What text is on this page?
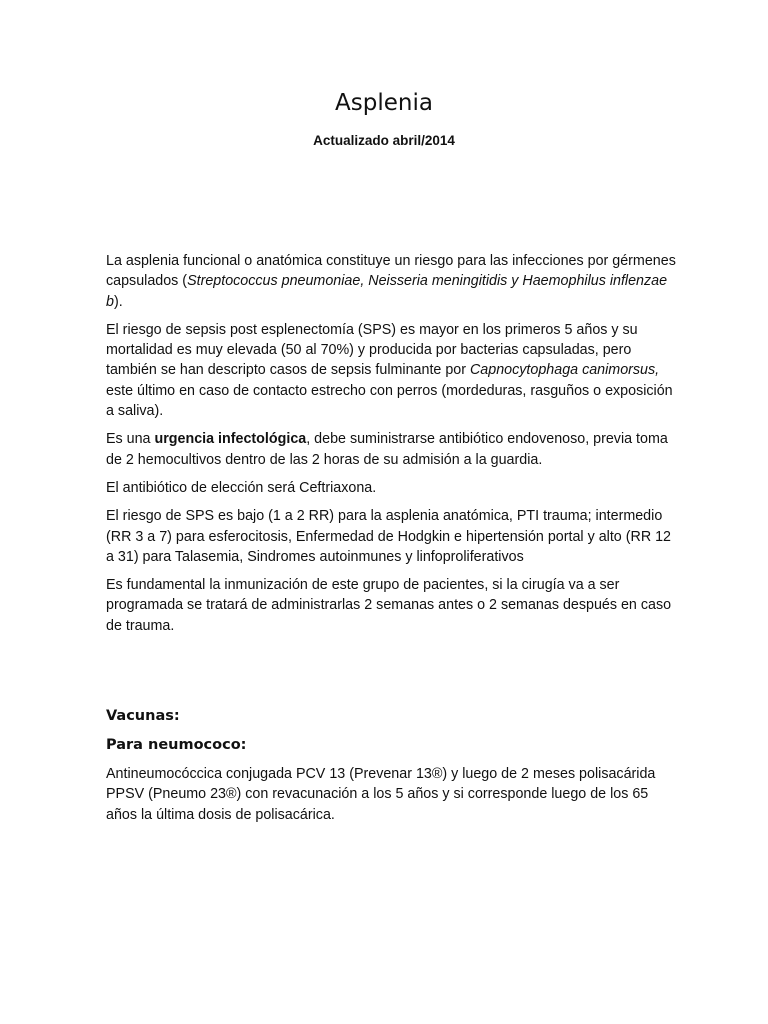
Asplenia
Actualizado abril/2014

La asplenia funcional o anatómica constituye un riesgo para las infecciones por gérmenes capsulados (Streptococcus pneumoniae, Neisseria meningitidis y Haemophilus inflenzae b).

El riesgo de sepsis post esplenectomía (SPS) es mayor en los primeros 5 años y su mortalidad es muy elevada (50 al 70%) y producida por bacterias capsuladas, pero también se han descripto casos de sepsis fulminante por Capnocytophaga canimorsus, este último en caso de contacto estrecho con perros (mordeduras, rasguños o exposición a saliva).

Es una urgencia infectológica, debe suministrarse antibiótico endovenoso, previa toma de 2 hemocultivos dentro de las 2 horas de su admisión a la guardia.

El antibiótico de elección será Ceftriaxona.

El riesgo de SPS es bajo (1 a 2 RR) para la asplenia anatómica, PTI trauma; intermedio (RR 3 a 7) para esferocitosis, Enfermedad de Hodgkin e hipertensión portal y alto (RR 12 a 31) para Talasemia, Sindromes autoinmunes y linfoproliferativos

Es fundamental la inmunización de este grupo de pacientes, si la cirugía va a ser programada se tratará de administrarlas 2 semanas antes o 2 semanas después en caso de trauma.

Vacunas:
Para neumococo:

Antineumocóccica conjugada PCV 13 (Prevenar 13®) y luego de 2 meses polisacárida PPSV (Pneumo 23®) con revacunación a los 5 años y si corresponde luego de los 65 años la última dosis de polisacárica.
